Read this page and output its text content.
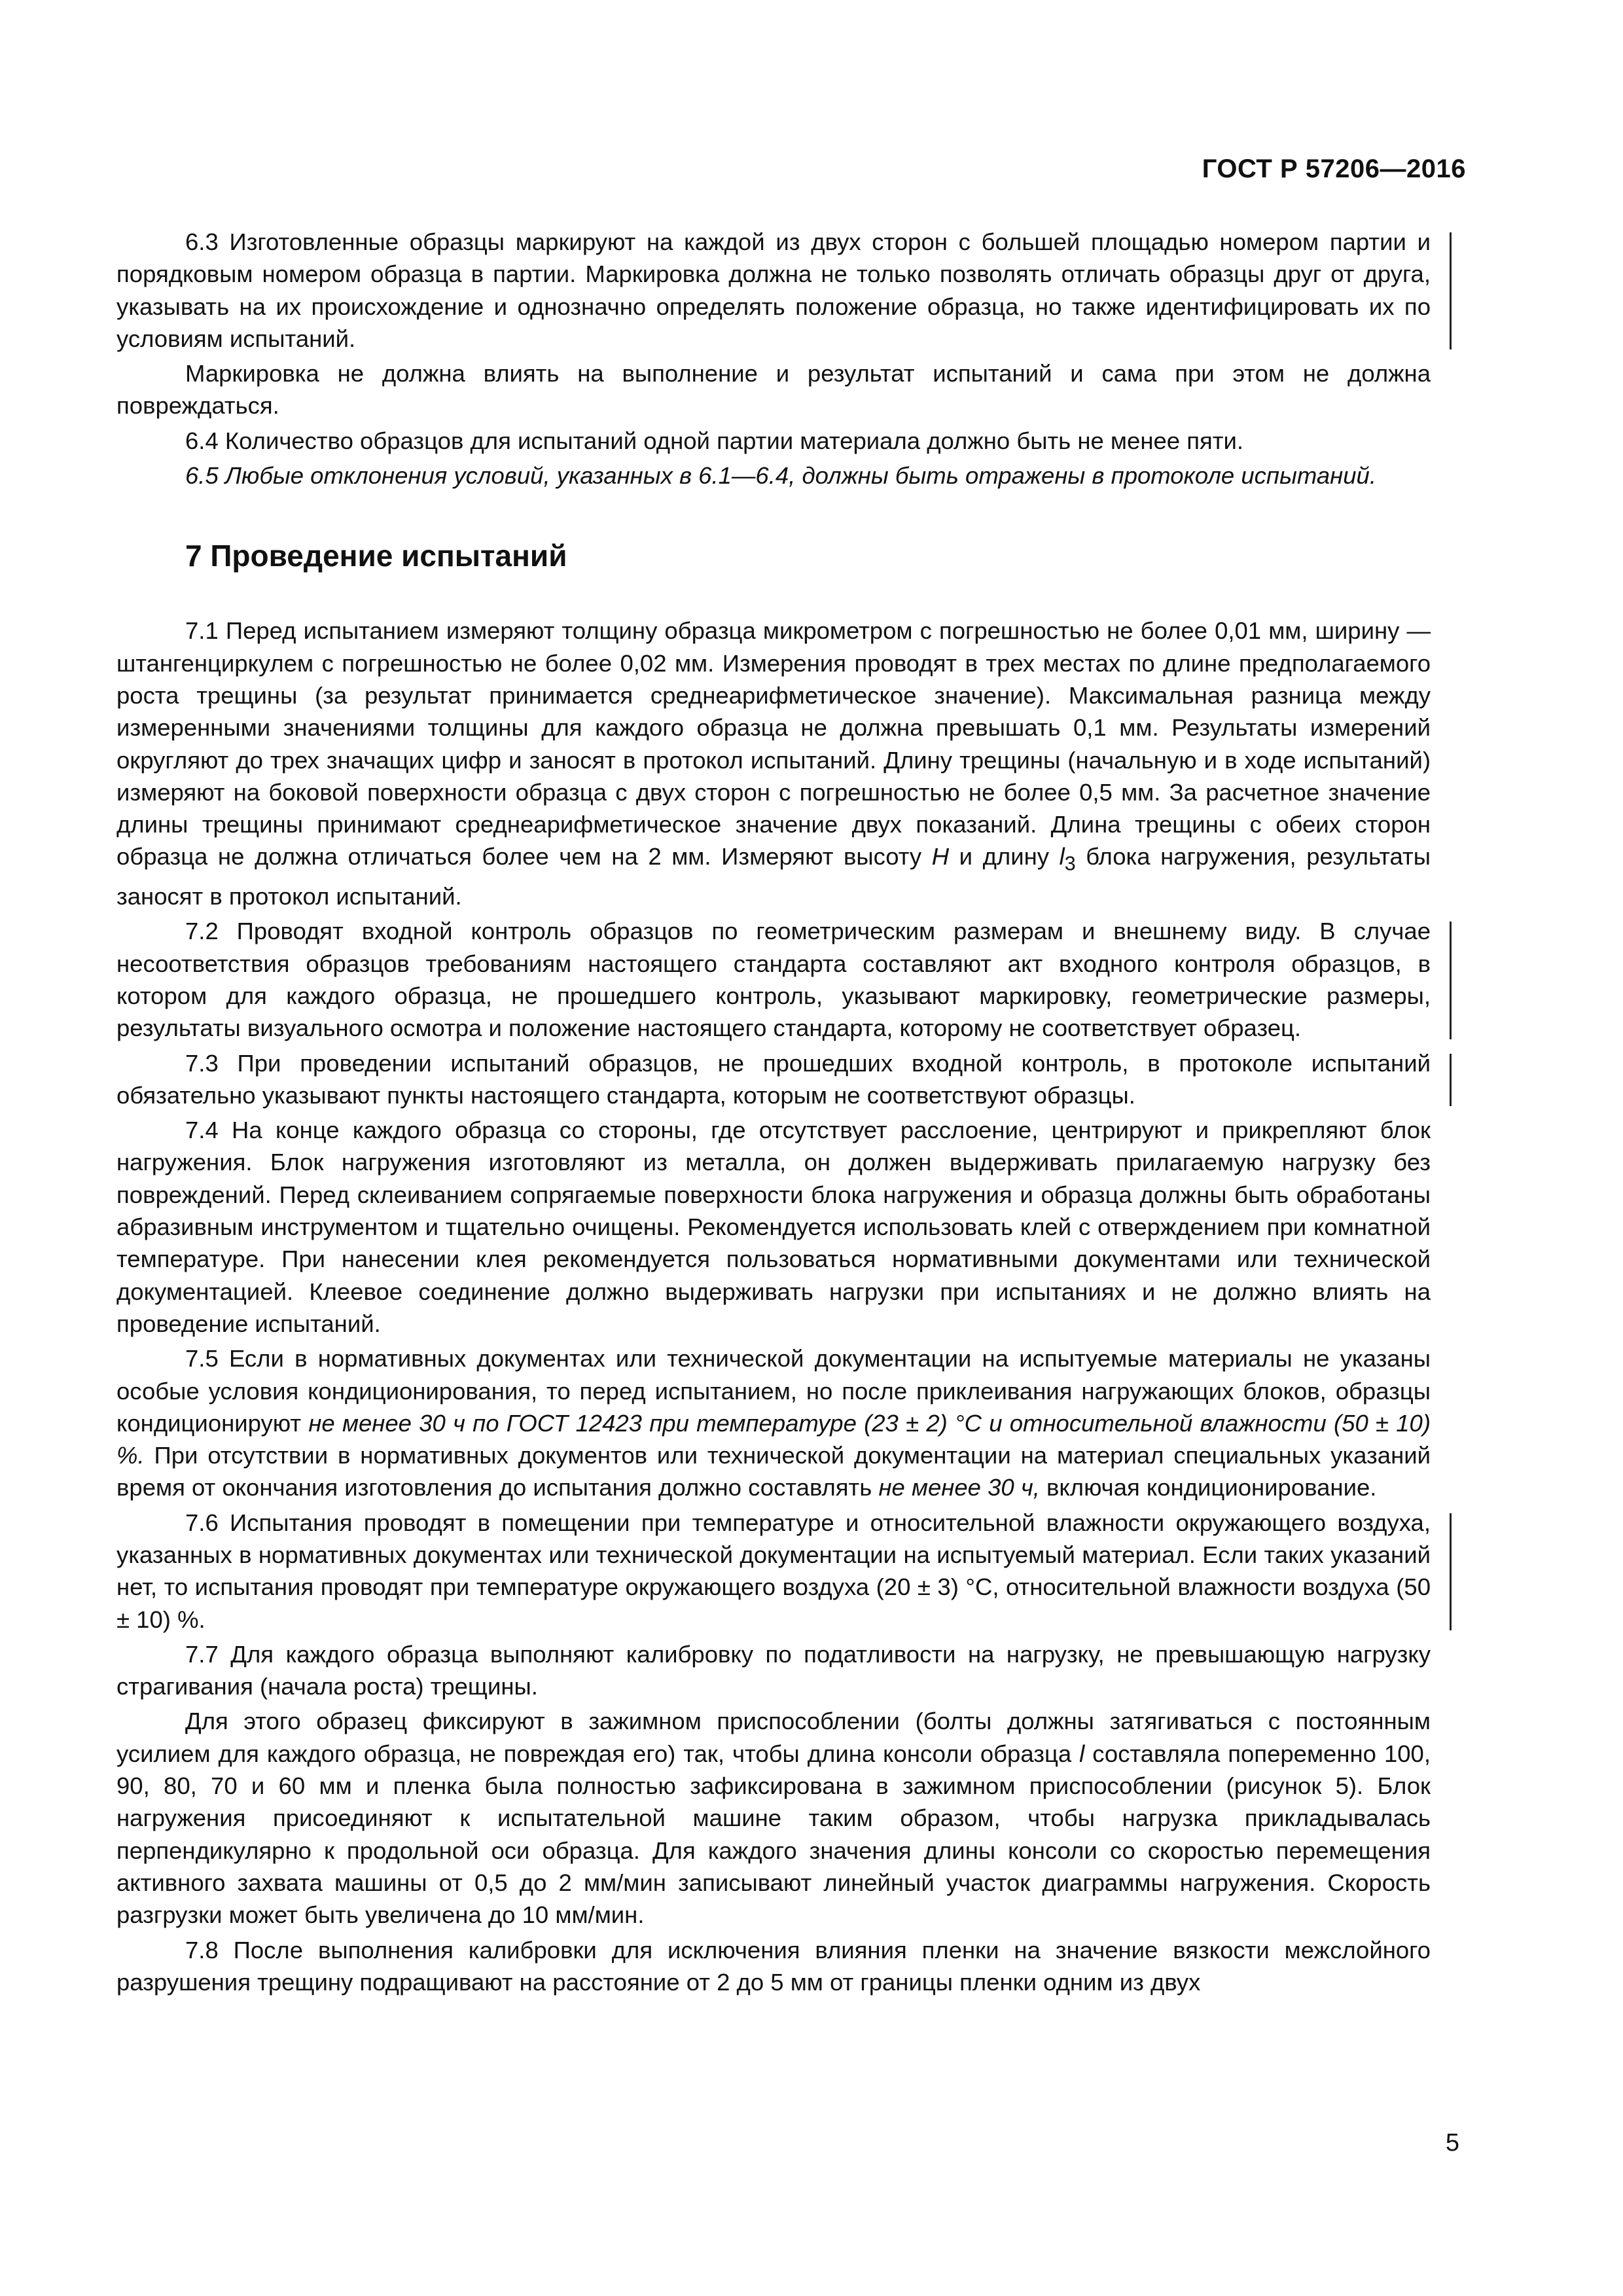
ГОСТ Р 57206—2016

6.3 Изготовленные образцы маркируют на каждой из двух сторон с большей площадью номером партии и порядковым номером образца в партии. Маркировка должна не только позволять отличать образцы друг от друга, указывать на их происхождение и однозначно определять положение образца, но также идентифицировать их по условиям испытаний.

Маркировка не должна влиять на выполнение и результат испытаний и сама при этом не должна повреждаться.

6.4 Количество образцов для испытаний одной партии материала должно быть не менее пяти.

6.5 Любые отклонения условий, указанных в 6.1—6.4, должны быть отражены в протоколе испытаний.

7 Проведение испытаний

7.1 Перед испытанием измеряют толщину образца микрометром с погрешностью не более 0,01 мм, ширину — штангенциркулем с погрешностью не более 0,02 мм. Измерения проводят в трех местах по длине предполагаемого роста трещины (за результат принимается среднеарифметическое значение). Максимальная разница между измеренными значениями толщины для каждого образца не должна превышать 0,1 мм. Результаты измерений округляют до трех значащих цифр и заносят в протокол испытаний. Длину трещины (начальную и в ходе испытаний) измеряют на боковой поверхности образца с двух сторон с погрешностью не более 0,5 мм. За расчетное значение длины трещины принимают среднеарифметическое значение двух показаний. Длина трещины с обеих сторон образца не должна отличаться более чем на 2 мм. Измеряют высоту H и длину $l_3$ блока нагружения, результаты заносят в протокол испытаний.

7.2 Проводят входной контроль образцов по геометрическим размерам и внешнему виду. В случае несоответствия образцов требованиям настоящего стандарта составляют акт входного контроля образцов, в котором для каждого образца, не прошедшего контроль, указывают маркировку, геометрические размеры, результаты визуального осмотра и положение настоящего стандарта, которому не соответствует образец.

7.3 При проведении испытаний образцов, не прошедших входной контроль, в протоколе испытаний обязательно указывают пункты настоящего стандарта, которым не соответствуют образцы.

7.4 На конце каждого образца со стороны, где отсутствует расслоение, центрируют и прикрепляют блок нагружения. Блок нагружения изготовляют из металла, он должен выдерживать прилагаемую нагрузку без повреждений. Перед склеиванием сопрягаемые поверхности блока нагружения и образца должны быть обработаны абразивным инструментом и тщательно очищены. Рекомендуется использовать клей с отверждением при комнатной температуре. При нанесении клея рекомендуется пользоваться нормативными документами или технической документацией. Клеевое соединение должно выдерживать нагрузки при испытаниях и не должно влиять на проведение испытаний.

7.5 Если в нормативных документах или технической документации на испытуемые материалы не указаны особые условия кондиционирования, то перед испытанием, но после приклеивания нагружающих блоков, образцы кондиционируют не менее 30 ч по ГОСТ 12423 при температуре (23 ± 2) °С и относительной влажности (50 ± 10) %. При отсутствии в нормативных документов или технической документации на материал специальных указаний время от окончания изготовления до испытания должно составлять не менее 30 ч, включая кондиционирование.

7.6 Испытания проводят в помещении при температуре и относительной влажности окружающего воздуха, указанных в нормативных документах или технической документации на испытуемый материал. Если таких указаний нет, то испытания проводят при температуре окружающего воздуха (20 ± 3) °С, относительной влажности воздуха (50 ± 10) %.

7.7 Для каждого образца выполняют калибровку по податливости на нагрузку, не превышающую нагрузку страгивания (начала роста) трещины.

Для этого образец фиксируют в зажимном приспособлении (болты должны затягиваться с постоянным усилием для каждого образца, не повреждая его) так, чтобы длина консоли образца l составляла попеременно 100, 90, 80, 70 и 60 мм и пленка была полностью зафиксирована в зажимном приспособлении (рисунок 5). Блок нагружения присоединяют к испытательной машине таким образом, чтобы нагрузка прикладывалась перпендикулярно к продольной оси образца. Для каждого значения длины консоли со скоростью перемещения активного захвата машины от 0,5 до 2 мм/мин записывают линейный участок диаграммы нагружения. Скорость разгрузки может быть увеличена до 10 мм/мин.

7.8 После выполнения калибровки для исключения влияния пленки на значение вязкости межслойного разрушения трещину подращивают на расстояние от 2 до 5 мм от границы пленки одним из двух

5
